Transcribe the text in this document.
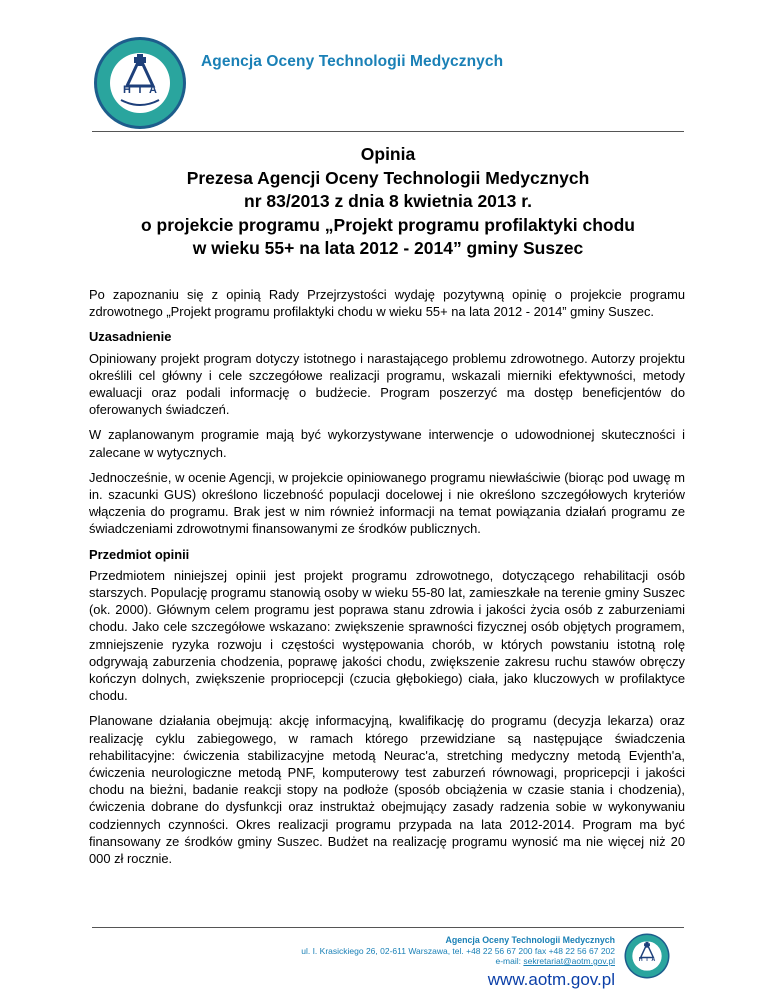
H T A
Agencja Oceny Technologii Medycznych
Opinia
Prezesa Agencji Oceny Technologii Medycznych
nr 83/2013 z dnia 8 kwietnia 2013 r.
o projekcie programu „Projekt programu profilaktyki chodu
w wieku 55+ na lata 2012 - 2014” gminy Suszec

Po zapoznaniu się z opinią Rady Przejrzystości wydaję pozytywną opinię o projekcie programu zdrowotnego „Projekt programu profilaktyki chodu w wieku 55+ na lata 2012 - 2014” gminy Suszec.

Uzasadnienie

Opiniowany projekt program dotyczy istotnego i narastającego problemu zdrowotnego. Autorzy projektu określili cel główny i cele szczegółowe realizacji programu, wskazali mierniki efektywności, metody ewaluacji oraz podali informację o budżecie. Program poszerzyć ma dostęp beneficjentów do oferowanych świadczeń.

W zaplanowanym programie mają być wykorzystywane interwencje o udowodnionej skuteczności i zalecane w wytycznych.

Jednocześnie, w ocenie Agencji, w projekcie opiniowanego programu niewłaściwie (biorąc pod uwagę m in. szacunki GUS) określono liczebność populacji docelowej i nie określono szczegółowych kryteriów włączenia do programu. Brak jest w nim również informacji na temat powiązania działań programu ze świadczeniami zdrowotnymi finansowanymi ze środków publicznych.

Przedmiot opinii

Przedmiotem niniejszej opinii jest projekt programu zdrowotnego, dotyczącego rehabilitacji osób starszych. Populację programu stanowią osoby w wieku 55-80 lat, zamieszkałe na terenie gminy Suszec (ok. 2000). Głównym celem programu jest poprawa stanu zdrowia i jakości życia osób z zaburzeniami chodu. Jako cele szczegółowe wskazano: zwiększenie sprawności fizycznej osób objętych programem, zmniejszenie ryzyka rozwoju i częstości występowania chorób, w których powstaniu istotną rolę odgrywają zaburzenia chodzenia, poprawę jakości chodu, zwiększenie zakresu ruchu stawów obręczy kończyn dolnych, zwiększenie propriocepcji (czucia głębokiego) ciała, jako kluczowych w profilaktyce chodu.

Planowane działania obejmują: akcję informacyjną, kwalifikację do programu (decyzja lekarza) oraz realizację cyklu zabiegowego, w ramach którego przewidziane są następujące świadczenia rehabilitacyjne: ćwiczenia stabilizacyjne metodą Neurac'a, stretching medyczny metodą Evjenth'a, ćwiczenia neurologiczne metodą PNF, komputerowy test zaburzeń równowagi, propricepcji i jakości chodu na bieżni, badanie reakcji stopy na podłoże (sposób obciążenia w czasie stania i chodzenia), ćwiczenia dobrane do dysfunkcji oraz instruktaż obejmujący zasady radzenia sobie w wykonywaniu codziennych czynności. Okres realizacji programu przypada na lata 2012-2014. Program ma być finansowany ze środków gminy Suszec. Budżet na realizację programu wynosić ma nie więcej niż 20 000 zł rocznie.

Agencja Oceny Technologii Medycznych
ul. I. Krasickiego 26, 02-611 Warszawa, tel. +48 22 56 67 200 fax +48 22 56 67 202
e-mail: sekretariat@aotm.gov.pl
www.aotm.gov.pl
H T A
